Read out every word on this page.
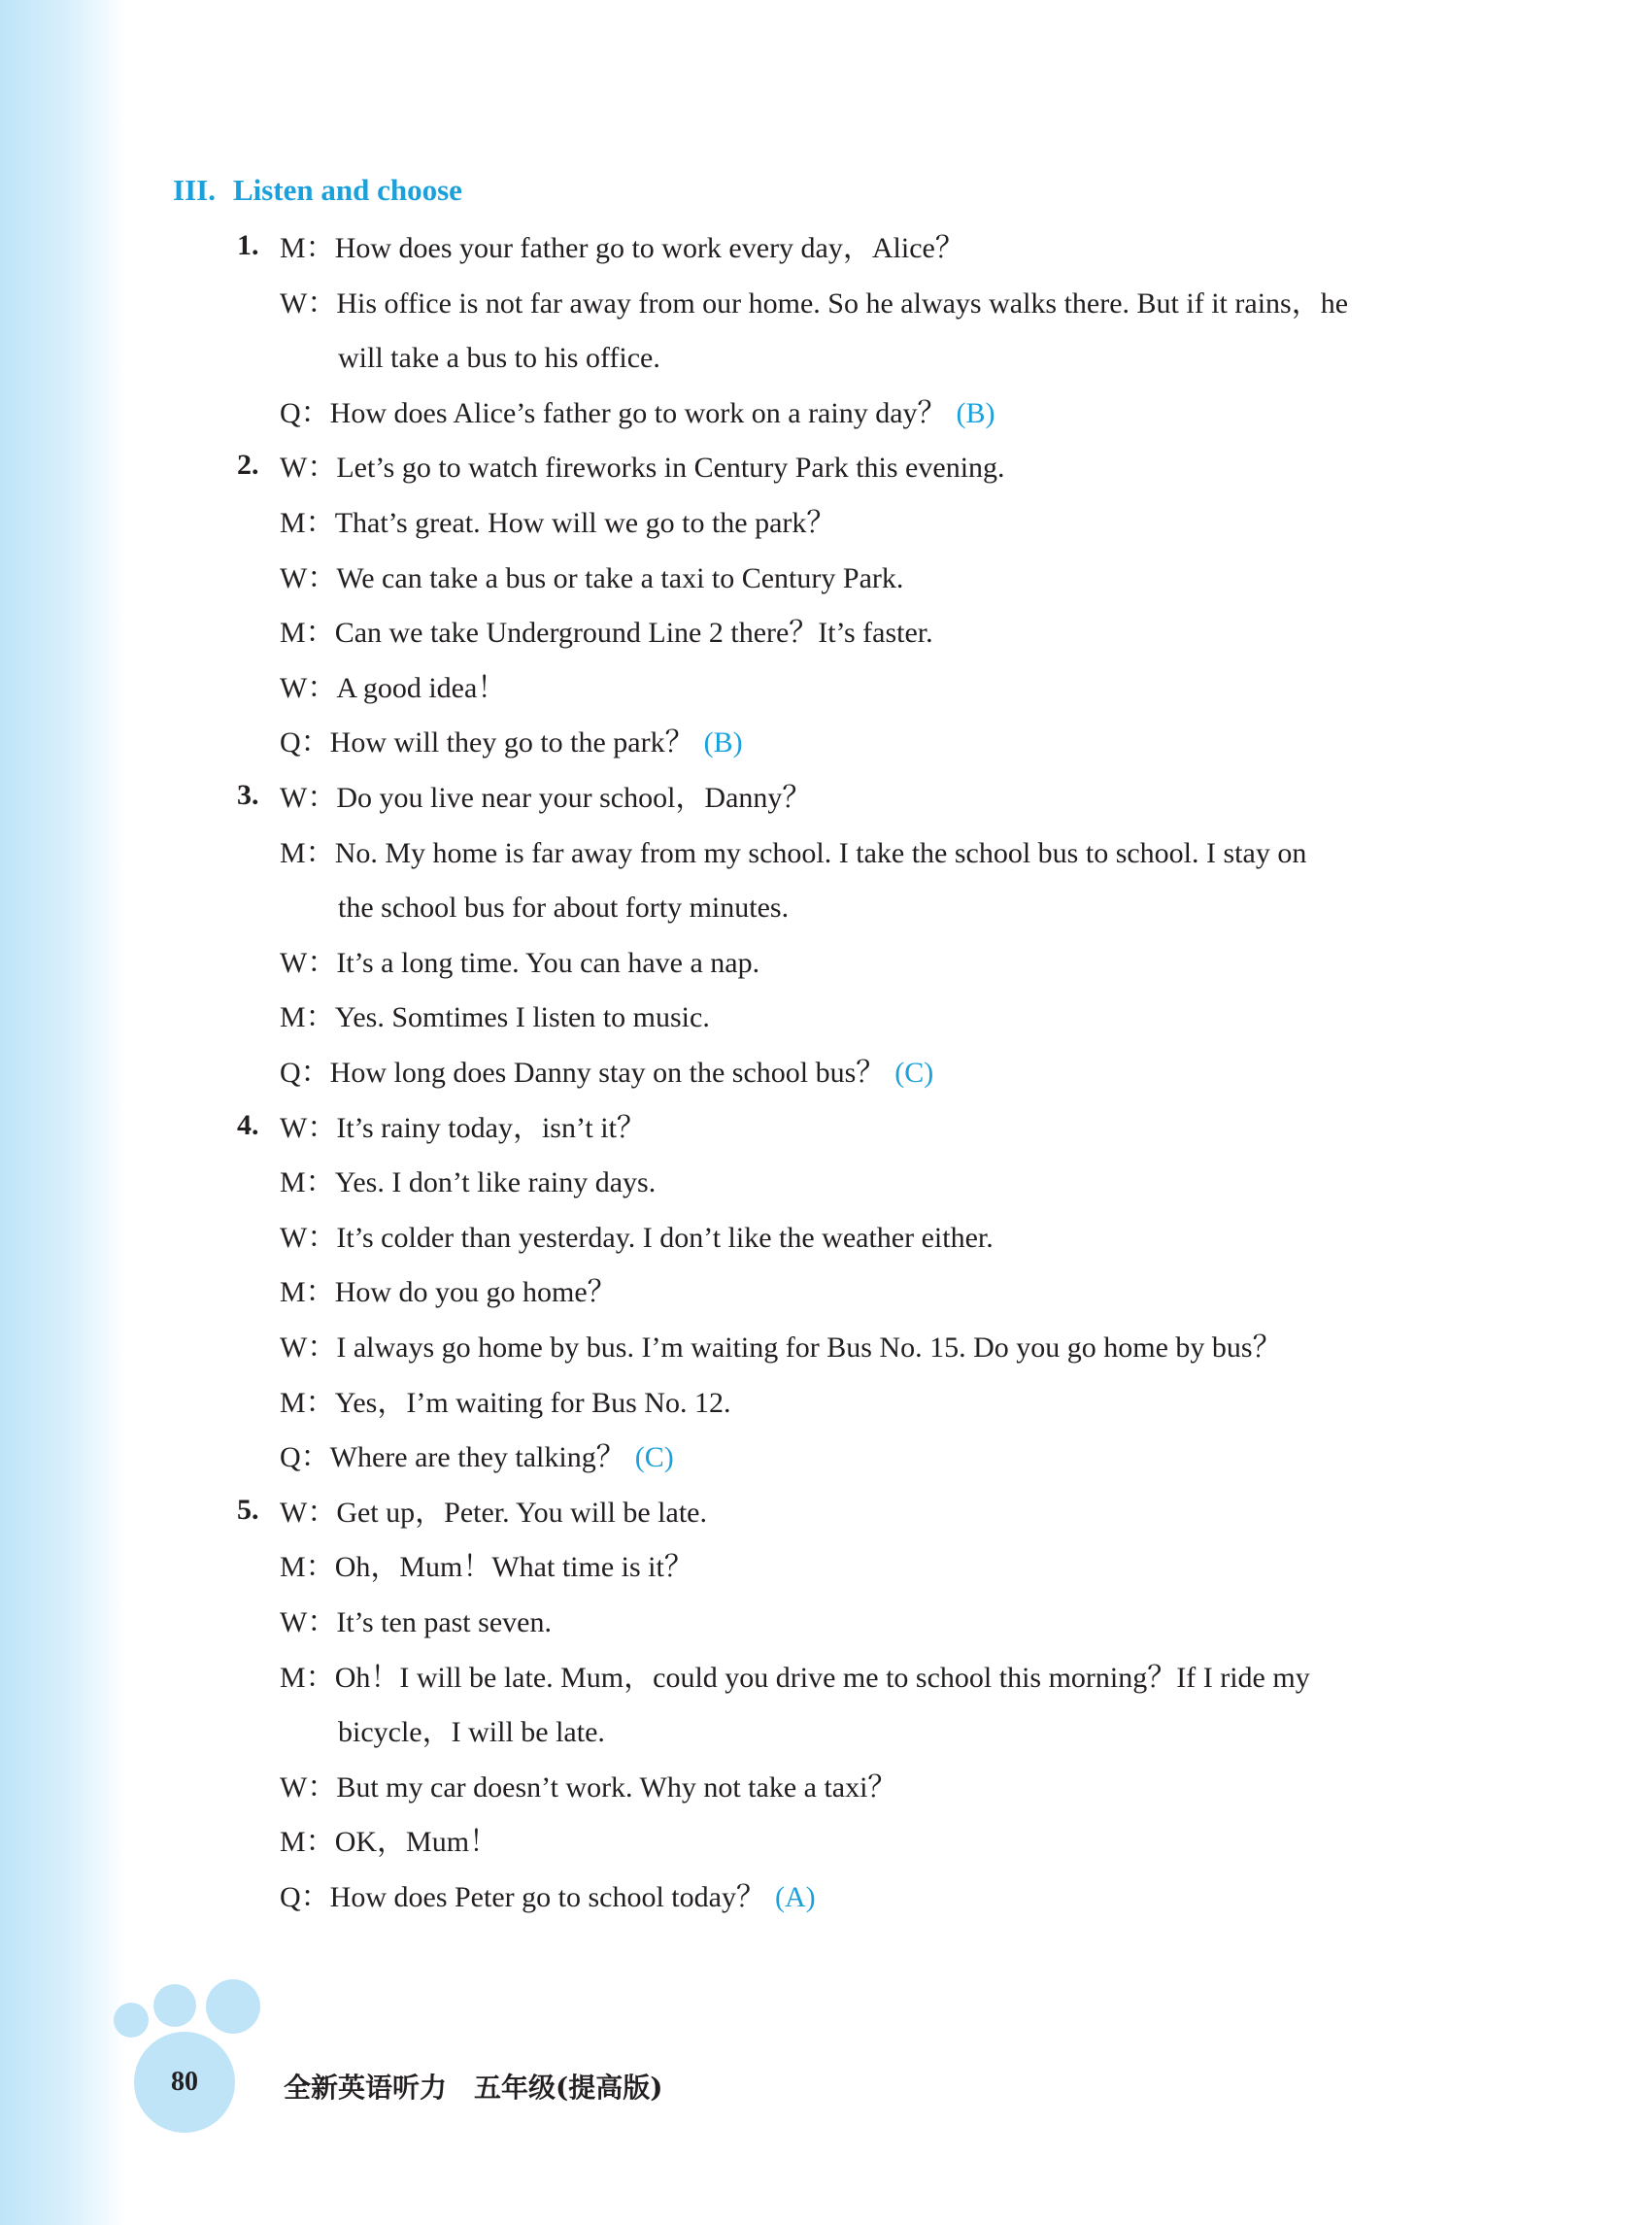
III. Listen and choose
1. M：How does your father go to work every day，Alice？
W：His office is not far away from our home. So he always walks there. But if it rains，he
will take a bus to his office.
Q：How does Alice’s father go to work on a rainy day？ (B)
2. W：Let’s go to watch fireworks in Century Park this evening.
M：That’s great. How will we go to the park？
W：We can take a bus or take a taxi to Century Park.
M：Can we take Underground Line 2 there？It’s faster.
W：A good idea！
Q：How will they go to the park？ (B)
3. W：Do you live near your school，Danny？
M：No. My home is far away from my school. I take the school bus to school. I stay on
the school bus for about forty minutes.
W：It’s a long time. You can have a nap.
M：Yes. Somtimes I listen to music.
Q：How long does Danny stay on the school bus？ (C)
4. W：It’s rainy today，isn’t it？
M：Yes. I don’t like rainy days.
W：It’s colder than yesterday. I don’t like the weather either.
M：How do you go home？
W：I always go home by bus. I’m waiting for Bus No. 15. Do you go home by bus？
M：Yes，I’m waiting for Bus No. 12.
Q：Where are they talking？ (C)
5. W：Get up，Peter. You will be late.
M：Oh，Mum！What time is it？
W：It’s ten past seven.
M：Oh！I will be late. Mum，could you drive me to school this morning？If I ride my
bicycle，I will be late.
W：But my car doesn’t work. Why not take a taxi？
M：OK，Mum！
Q：How does Peter go to school today？ (A)
80	全新英语听力　五年级(提高版)
